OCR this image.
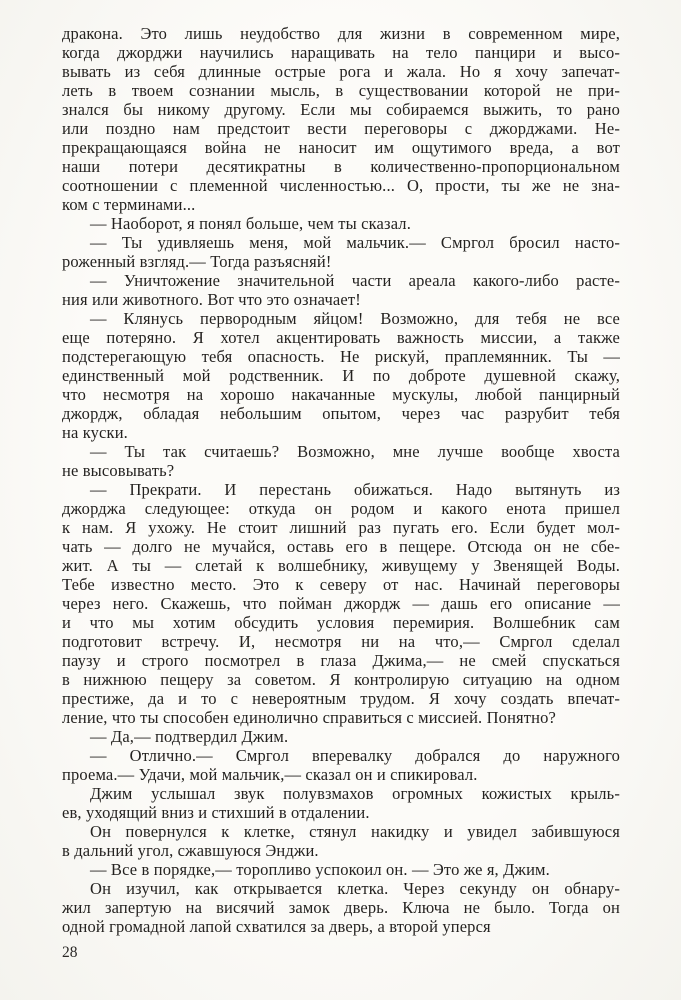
дракона. Это лишь неудобство для жизни в современном мире,
когда джорджи научились наращивать на тело панцири и высо-
вывать из себя длинные острые рога и жала. Но я хочу запечат-
леть в твоем сознании мысль, в существовании которой не при-
знался бы никому другому. Если мы собираемся выжить, то рано
или поздно нам предстоит вести переговоры с джорджами. Не-
прекращающаяся война не наносит им ощутимого вреда, а вот
наши потери десятикратны в количественно-пропорциональном
соотношении с племенной численностью... О, прости, ты же не зна-
ком с терминами...

— Наоборот, я понял больше, чем ты сказал.

— Ты удивляешь меня, мой мальчик.— Смргол бросил насто-
роженный взгляд.— Тогда разъясняй!

— Уничтожение значительной части ареала какого-либо расте-
ния или животного. Вот что это означает!

— Клянусь первородным яйцом! Возможно, для тебя не все
еще потеряно. Я хотел акцентировать важность миссии, а также
подстерегающую тебя опасность. Не рискуй, праплемянник. Ты —
единственный мой родственник. И по доброте душевной скажу,
что несмотря на хорошо накачанные мускулы, любой панцирный
джордж, обладая небольшим опытом, через час разрубит тебя
на куски.

— Ты так считаешь? Возможно, мне лучше вообще хвоста
не высовывать?

— Прекрати. И перестань обижаться. Надо вытянуть из
джорджа следующее: откуда он родом и какого енота пришел
к нам. Я ухожу. Не стоит лишний раз пугать его. Если будет мол-
чать — долго не мучайся, оставь его в пещере. Отсюда он не сбе-
жит. А ты — слетай к волшебнику, живущему у Звенящей Воды.
Тебе известно место. Это к северу от нас. Начинай переговоры
через него. Скажешь, что пойман джордж — дашь его описание —
и что мы хотим обсудить условия перемирия. Волшебник сам
подготовит встречу. И, несмотря ни на что,— Смргол сделал
паузу и строго посмотрел в глаза Джима,— не смей спускаться
в нижнюю пещеру за советом. Я контролирую ситуацию на одном
престиже, да и то с невероятным трудом. Я хочу создать впечат-
ление, что ты способен единолично справиться с миссией. Понятно?

— Да,— подтвердил Джим.

— Отлично.— Смргол вперевалку добрался до наружного
проема.— Удачи, мой мальчик,— сказал он и спикировал.

Джим услышал звук полувзмахов огромных кожистых крыль-
ев, уходящий вниз и стихший в отдалении.

Он повернулся к клетке, стянул накидку и увидел забившуюся
в дальний угол, сжавшуюся Энджи.

— Все в порядке,— торопливо успокоил он. — Это же я, Джим.

Он изучил, как открывается клетка. Через секунду он обнару-
жил запертую на висячий замок дверь. Ключа не было. Тогда он
одной громадной лапой схватился за дверь, а второй уперся

28
